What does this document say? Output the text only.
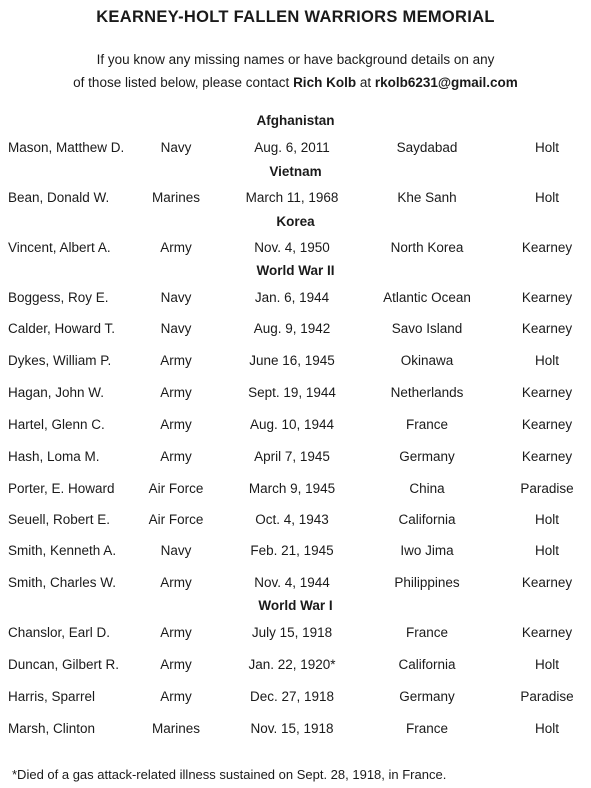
KEARNEY-HOLT FALLEN WARRIORS MEMORIAL
If you know any missing names or have background details on any
of those listed below, please contact Rich Kolb at rkolb6231@gmail.com
Afghanistan
Mason, Matthew D.	Navy	Aug. 6, 2011	Saydabad	Holt
Vietnam
Bean, Donald W.	Marines	March 11, 1968	Khe Sanh	Holt
Korea
Vincent, Albert A.	Army	Nov. 4, 1950	North Korea	Kearney
World War II
Boggess, Roy E.	Navy	Jan. 6, 1944	Atlantic Ocean	Kearney
Calder, Howard T.	Navy	Aug. 9, 1942	Savo Island	Kearney
Dykes, William P.	Army	June 16, 1945	Okinawa	Holt
Hagan, John W.	Army	Sept. 19, 1944	Netherlands	Kearney
Hartel, Glenn C.	Army	Aug. 10, 1944	France	Kearney
Hash, Loma M.	Army	April 7, 1945	Germany	Kearney
Porter, E. Howard	Air Force	March 9, 1945	China	Paradise
Seuell, Robert E.	Air Force	Oct. 4, 1943	California	Holt
Smith, Kenneth A.	Navy	Feb. 21, 1945	Iwo Jima	Holt
Smith, Charles W.	Army	Nov. 4, 1944	Philippines	Kearney
World War I
Chanslor, Earl D.	Army	July 15, 1918	France	Kearney
Duncan, Gilbert R.	Army	Jan. 22, 1920*	California	Holt
Harris, Sparrel	Army	Dec. 27, 1918	Germany	Paradise
Marsh, Clinton	Marines	Nov. 15, 1918	France	Holt
*Died of a gas attack-related illness sustained on Sept. 28, 1918, in France.
